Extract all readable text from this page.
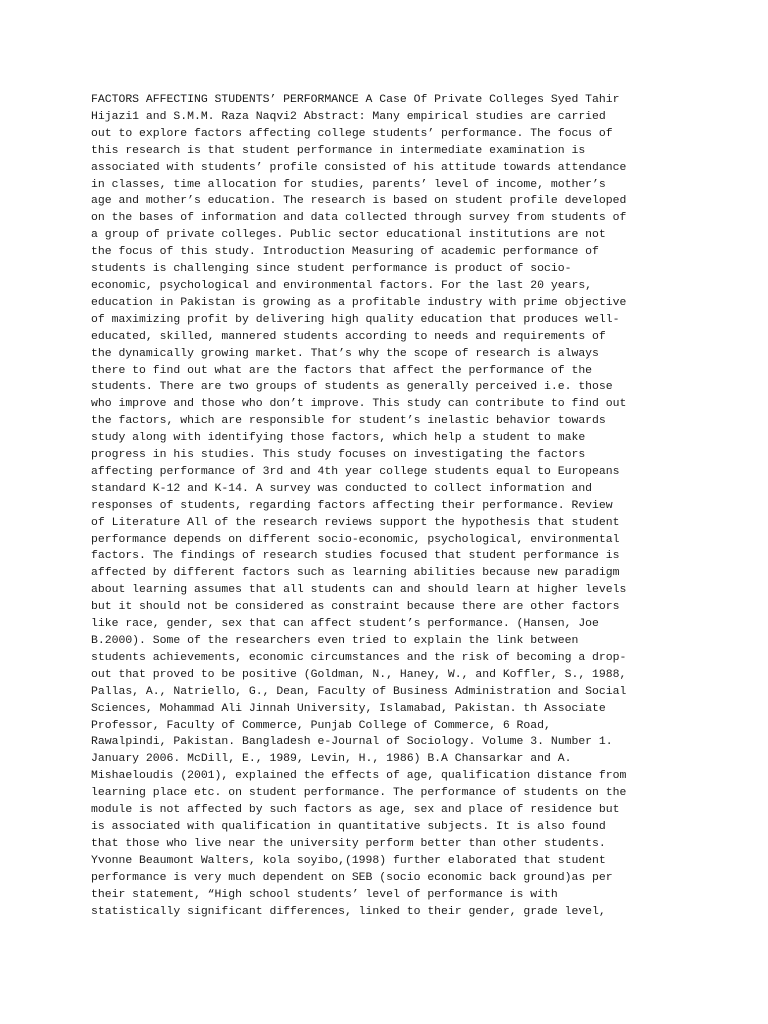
FACTORS AFFECTING STUDENTS’ PERFORMANCE A Case Of Private Colleges Syed Tahir
Hijazi1 and S.M.M. Raza Naqvi2 Abstract: Many empirical studies are carried
out to explore factors affecting college students’ performance. The focus of
this research is that student performance in intermediate examination is
associated with students’ profile consisted of his attitude towards attendance
in classes, time allocation for studies, parents’ level of income, mother’s
age and mother’s education. The research is based on student profile developed
on the bases of information and data collected through survey from students of
a group of private colleges. Public sector educational institutions are not
the focus of this study. Introduction Measuring of academic performance of
students is challenging since student performance is product of socio-
economic, psychological and environmental factors. For the last 20 years,
education in Pakistan is growing as a profitable industry with prime objective
of maximizing profit by delivering high quality education that produces well-
educated, skilled, mannered students according to needs and requirements of
the dynamically growing market. That’s why the scope of research is always
there to find out what are the factors that affect the performance of the
students. There are two groups of students as generally perceived i.e. those
who improve and those who don’t improve. This study can contribute to find out
the factors, which are responsible for student’s inelastic behavior towards
study along with identifying those factors, which help a student to make
progress in his studies. This study focuses on investigating the factors
affecting performance of 3rd and 4th year college students equal to Europeans
standard K-12 and K-14. A survey was conducted to collect information and
responses of students, regarding factors affecting their performance. Review
of Literature All of the research reviews support the hypothesis that student
performance depends on different socio-economic, psychological, environmental
factors. The findings of research studies focused that student performance is
affected by different factors such as learning abilities because new paradigm
about learning assumes that all students can and should learn at higher levels
but it should not be considered as constraint because there are other factors
like race, gender, sex that can affect student’s performance. (Hansen, Joe
B.2000). Some of the researchers even tried to explain the link between
students achievements, economic circumstances and the risk of becoming a drop-
out that proved to be positive (Goldman, N., Haney, W., and Koffler, S., 1988,
Pallas, A., Natriello, G., Dean, Faculty of Business Administration and Social
Sciences, Mohammad Ali Jinnah University, Islamabad, Pakistan. th Associate
Professor, Faculty of Commerce, Punjab College of Commerce, 6 Road,
Rawalpindi, Pakistan. Bangladesh e-Journal of Sociology. Volume 3. Number 1.
January 2006. McDill, E., 1989, Levin, H., 1986) B.A Chansarkar and A.
Mishaeloudis (2001), explained the effects of age, qualification distance from
learning place etc. on student performance. The performance of students on the
module is not affected by such factors as age, sex and place of residence but
is associated with qualification in quantitative subjects. It is also found
that those who live near the university perform better than other students.
Yvonne Beaumont Walters, kola soyibo,(1998) further elaborated that student
performance is very much dependent on SEB (socio economic back ground)as per
their statement, “High school students’ level of performance is with
statistically significant differences, linked to their gender, grade level,
